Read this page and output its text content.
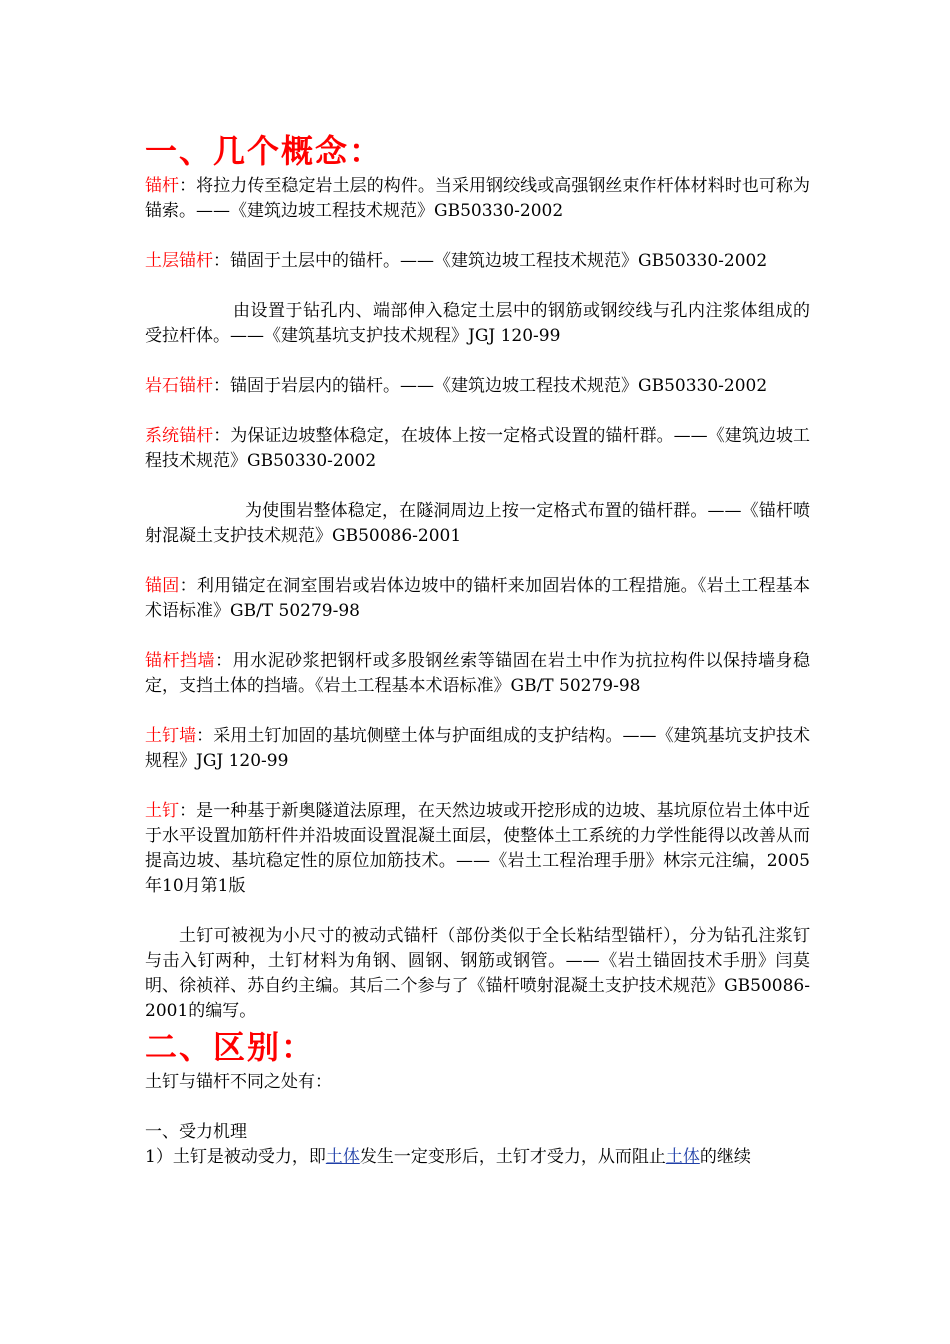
一、几个概念：

锚杆：将拉力传至稳定岩土层的构件。当采用钢绞线或高强钢丝束作杆体材料时也可称为锚索。——《建筑边坡工程技术规范》GB50330-2002

土层锚杆：锚固于土层中的锚杆。——《建筑边坡工程技术规范》GB50330-2002

由设置于钻孔内、端部伸入稳定土层中的钢筋或钢绞线与孔内注浆体组成的受拉杆体。——《建筑基坑支护技术规程》JGJ 120-99

岩石锚杆：锚固于岩层内的锚杆。——《建筑边坡工程技术规范》GB50330-2002

系统锚杆：为保证边坡整体稳定，在坡体上按一定格式设置的锚杆群。——《建筑边坡工程技术规范》GB50330-2002

为使围岩整体稳定，在隧洞周边上按一定格式布置的锚杆群。——《锚杆喷射混凝土支护技术规范》GB50086-2001

锚固：利用锚定在洞室围岩或岩体边坡中的锚杆来加固岩体的工程措施。《岩土工程基本术语标准》GB/T 50279-98

锚杆挡墙：用水泥砂浆把钢杆或多股钢丝索等锚固在岩土中作为抗拉构件以保持墙身稳定，支挡土体的挡墙。《岩土工程基本术语标准》GB/T 50279-98

土钉墙：采用土钉加固的基坑侧壁土体与护面组成的支护结构。——《建筑基坑支护技术规程》JGJ 120-99

土钉：是一种基于新奥隧道法原理，在天然边坡或开挖形成的边坡、基坑原位岩土体中近于水平设置加筋杆件并沿坡面设置混凝土面层，使整体土工系统的力学性能得以改善从而提高边坡、基坑稳定性的原位加筋技术。——《岩土工程治理手册》林宗元注编，2005年10月第1版

土钉可被视为小尺寸的被动式锚杆（部份类似于全长粘结型锚杆），分为钻孔注浆钉与击入钉两种，土钉材料为角钢、圆钢、钢筋或钢管。——《岩土锚固技术手册》闫莫明、徐祯祥、苏自约主编。其后二个参与了《锚杆喷射混凝土支护技术规范》GB50086-2001的编写。

二、区别：

土钉与锚杆不同之处有：

一、受力机理

1）土钉是被动受力，即土体发生一定变形后，土钉才受力，从而阻止土体的继续
